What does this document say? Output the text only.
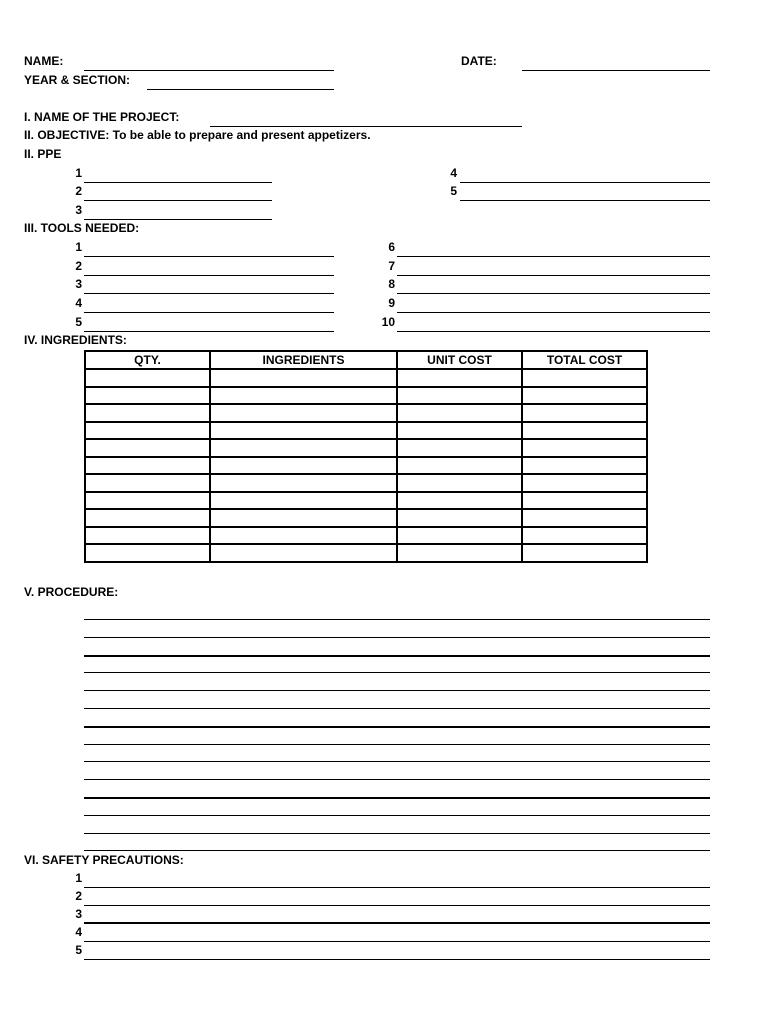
NAME:	DATE:
YEAR & SECTION:
I. NAME OF THE PROJECT:
II. OBJECTIVE: To be able to prepare and present appetizers.
II. PPE
1
2
3
4
5
III. TOOLS NEEDED:
1
2
3
4
5
6
7
8
9
10
IV. INGREDIENTS:
QTY.	INGREDIENTS	UNIT COST	TOTAL COST

V. PROCEDURE:
VI. SAFETY PRECAUTIONS:
1
2
3
4
5
